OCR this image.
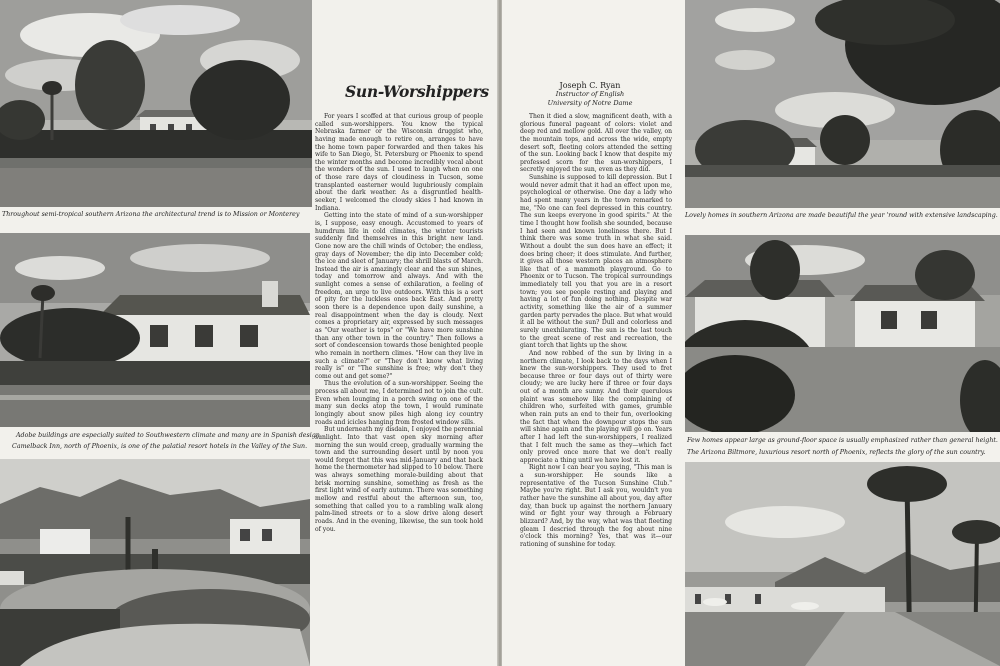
Throughout semi-tropical southern Arizona the architectural trend is to Mission or Monterey
Adobe buildings are especially suited to Southwestern climate and many are in Spanish design.
Camelback Inn, north of Phoenix, is one of the palatial resort hotels in the Valley of the Sun.
Sun-Worshippers

For years I scoffed at that curious group of people called sun-worshippers. You know the typical Nebraska farmer or the Wisconsin druggist who, having made enough to retire on, arranges to have the home town paper forwarded and then takes his wife to San Diego, St. Petersburg or Phoenix to spend the winter months and become incredibly vocal about the wonders of the sun. I used to laugh when on one of those rare days of cloudiness in Tucson, some transplanted easterner would lugubriously complain about the dark weather. As a disgruntled health-seeker, I welcomed the cloudy skies I had known in Indiana.

Getting into the state of mind of a sun-worshipper is, I suppose, easy enough. Accustomed to years of humdrum life in cold climates, the winter tourists suddenly find themselves in this bright new land. Gone now are the chill winds of October; the endless, gray days of November; the dip into December cold; the ice and sleet of January; the shrill blasts of March. Instead the air is amazingly clear and the sun shines, today and tomorrow and always. And with the sunlight comes a sense of exhilaration, a feeling of freedom, an urge to live outdoors. With this is a sort of pity for the luckless ones back East. And pretty soon there is a dependence upon daily sunshine, a real disappointment when the day is cloudy. Next comes a proprietary air, expressed by such messages as "Our weather is tops" or "We have more sunshine than any other town in the country." Then follows a sort of condescension towards those benighted people who remain in northern climes. "How can they live in such a climate?" or "They don't know what living really is" or "The sunshine is free; why don't they come out and get some?"

Thus the evolution of a sun-worshipper. Seeing the process all about me, I determined not to join the cult. Even when lounging in a porch swing on one of the many sun decks atop the town, I would ruminate longingly about snow piles high along icy country roads and icicles hanging from frosted window sills.

But underneath my disdain, I enjoyed the perennial sunlight. Into that vast open sky morning after morning the sun would creep, gradually warming the town and the surrounding desert until by noon you would forget that this was mid-January and that back home the thermometer had slipped to 10 below. There was always something morale-building about that brisk morning sunshine, something as fresh as the first light wind of early autumn. There was something mellow and restful about the afternoon sun, too, something that called you to a rambling walk along palm-lined streets or to a slow drive along desert roads. And in the evening, likewise, the sun took hold of you.

Lovely homes in southern Arizona are made beautiful the year 'round with extensive landscaping.
Few homes appear large as ground-floor space is usually emphasized rather than general height.
The Arizona Biltmore, luxurious resort north of Phoenix, reflects the glory of the sun country.
Joseph C. Ryan
Instructor of English
University of Notre Dame

Then it died a slow, magnificent death, with a glorious funeral pageant of colors: violet and deep red and mellow gold. All over the valley, on the mountain tops, and across the wide, empty desert soft, fleeting colors attended the setting of the sun. Looking back I know that despite my professed scorn for the sun-worshippers, I secretly enjoyed the sun, even as they did.

Sunshine is supposed to kill depression. But I would never admit that it had an effect upon me, psychological or otherwise. One day a lady who had spent many years in the town remarked to me, "No one can feel depressed in this country. The sun keeps everyone in good spirits." At the time I thought how foolish she sounded, because I had seen and known loneliness there. But I think there was some truth in what she said. Without a doubt the sun does have an effect; it does bring cheer; it does stimulate. And further, it gives all those western places an atmosphere like that of a mammoth playground. Go to Phoenix or to Tucson. The tropical surroundings immediately tell you that you are in a resort town; you see people resting and playing and having a lot of fun doing nothing. Despite war activity, something like the air of a summer garden party pervades the place. But what would it all be without the sun? Dull and colorless and surely unexhilarating. The sun is the last touch to the great scene of rest and recreation, the giant torch that lights up the show.

And now robbed of the sun by living in a northern climate, I look back to the days when I knew the sun-worshippers. They used to fret because three or four days out of thirty were cloudy; we are lucky here if three or four days out of a month are sunny. And their querulous plaint was somehow like the complaining of children who, surfeited with games, grumble when rain puts an end to their fun, overlooking the fact that when the downpour stops the sun will shine again and the playing will go on. Years after I had left the sun-worshippers, I realized that I felt much the same as they—which fact only proved once more that we don't really appreciate a thing until we have lost it.

Right now I can hear you saying, "This man is a sun-worshipper. He sounds like a representative of the Tucson Sunshine Club." Maybe you're right. But I ask you, wouldn't you rather have the sunshine all about you, day after day, than buck up against the northern January wind or fight your way through a February blizzard? And, by the way, what was that fleeting gleam I descried through the fog about nine o'clock this morning? Yes, that was it—our rationing of sunshine for today.
